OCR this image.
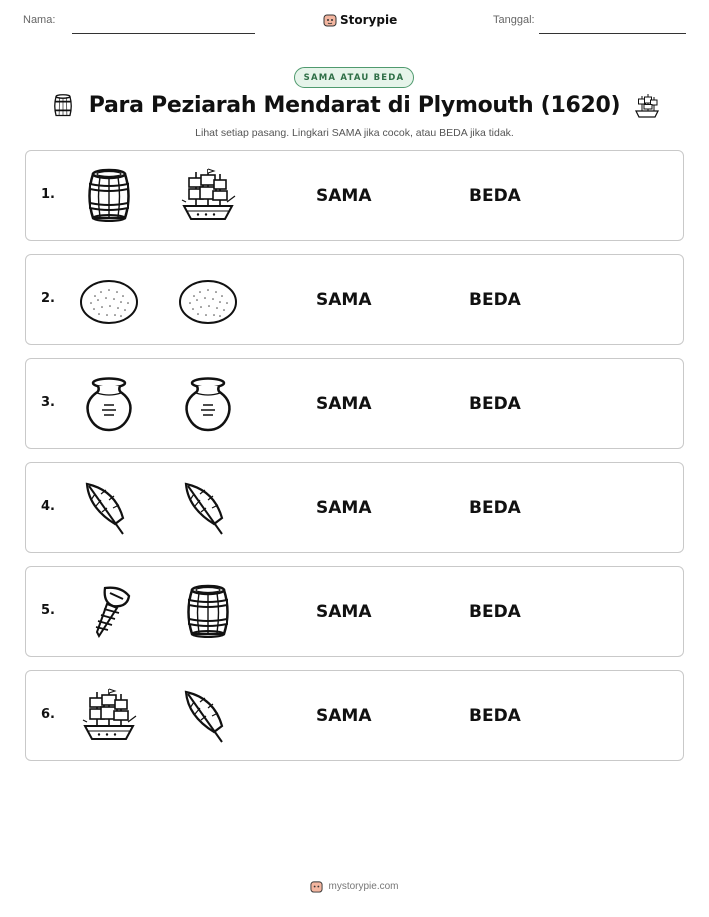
Nama:	Storypie	Tanggal:
SAMA ATAU BEDA
Para Peziarah Mendarat di Plymouth (1620)
Lihat setiap pasang. Lingkari SAMA jika cocok, atau BEDA jika tidak.
1.	SAMA	BEDA
2.	SAMA	BEDA
3.	SAMA	BEDA
4.	SAMA	BEDA
5.	SAMA	BEDA
6.	SAMA	BEDA
mystorypie.com
